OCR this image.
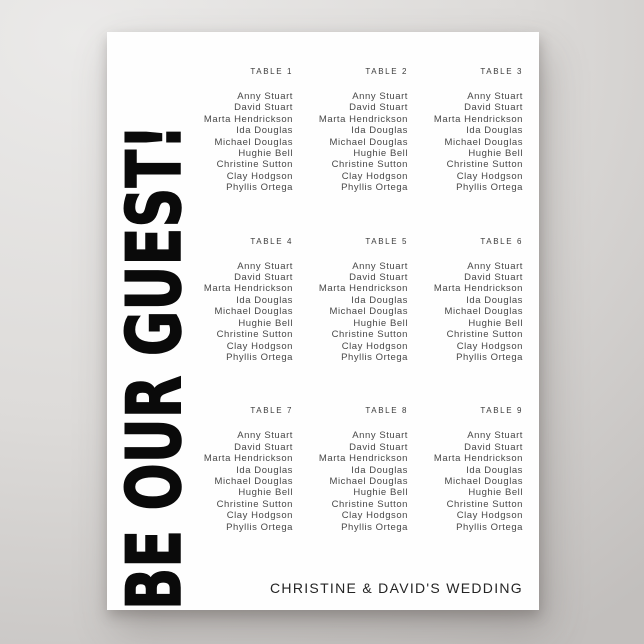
BE OUR GUEST!
TABLE 1
Anny Stuart
David Stuart
Marta Hendrickson
Ida Douglas
Michael Douglas
Hughie Bell
Christine Sutton
Clay Hodgson
Phyllis Ortega
TABLE 2
Anny Stuart
David Stuart
Marta Hendrickson
Ida Douglas
Michael Douglas
Hughie Bell
Christine Sutton
Clay Hodgson
Phyllis Ortega
TABLE 3
Anny Stuart
David Stuart
Marta Hendrickson
Ida Douglas
Michael Douglas
Hughie Bell
Christine Sutton
Clay Hodgson
Phyllis Ortega
TABLE 4
Anny Stuart
David Stuart
Marta Hendrickson
Ida Douglas
Michael Douglas
Hughie Bell
Christine Sutton
Clay Hodgson
Phyllis Ortega
TABLE 5
Anny Stuart
David Stuart
Marta Hendrickson
Ida Douglas
Michael Douglas
Hughie Bell
Christine Sutton
Clay Hodgson
Phyllis Ortega
TABLE 6
Anny Stuart
David Stuart
Marta Hendrickson
Ida Douglas
Michael Douglas
Hughie Bell
Christine Sutton
Clay Hodgson
Phyllis Ortega
TABLE 7
Anny Stuart
David Stuart
Marta Hendrickson
Ida Douglas
Michael Douglas
Hughie Bell
Christine Sutton
Clay Hodgson
Phyllis Ortega
TABLE 8
Anny Stuart
David Stuart
Marta Hendrickson
Ida Douglas
Michael Douglas
Hughie Bell
Christine Sutton
Clay Hodgson
Phyllis Ortega
TABLE 9
Anny Stuart
David Stuart
Marta Hendrickson
Ida Douglas
Michael Douglas
Hughie Bell
Christine Sutton
Clay Hodgson
Phyllis Ortega
CHRISTINE & DAVID'S WEDDING
